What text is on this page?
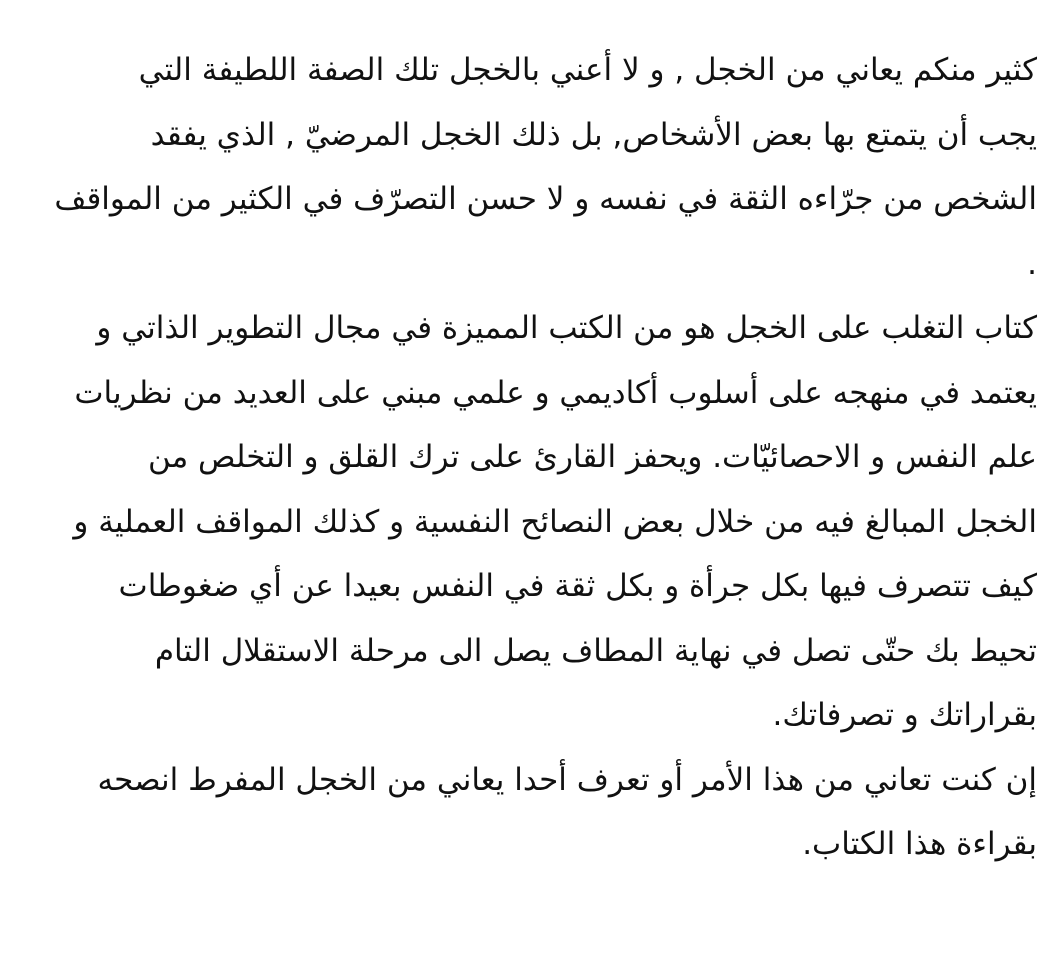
كثير منكم يعاني من الخجل , و لا أعني بالخجل تلك الصفة اللطيفة التي
يجب أن يتمتع بها بعض الأشخاص, بل ذلك الخجل المرضيّ , الذي يفقد
الشخص من جرّاءه الثقة في نفسه و لا حسن التصرّف في الكثير من المواقف
.
كتاب التغلب على الخجل هو من الكتب المميزة في مجال التطوير الذاتي و
يعتمد في منهجه على أسلوب أكاديمي و علمي مبني على العديد من نظريات
علم النفس و الاحصائيّات. ويحفز القارئ على ترك القلق و التخلص من
الخجل المبالغ فيه من خلال بعض النصائح النفسية و كذلك المواقف العملية و
كيف تتصرف فيها بكل جرأة و بكل ثقة في النفس بعيدا عن أي ضغوطات
تحيط بك حتّى تصل في نهاية المطاف يصل الى مرحلة الاستقلال التام
بقراراتك و تصرفاتك.
إن كنت تعاني من هذا الأمر أو تعرف أحدا يعاني من الخجل المفرط انصحه
بقراءة هذا الكتاب.
